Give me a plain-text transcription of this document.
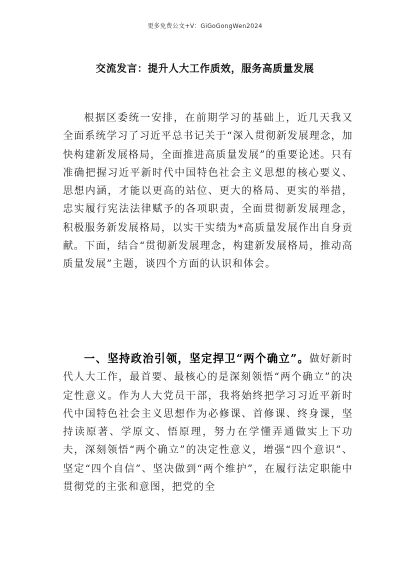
更多免费公文+V：GiGoGongWen2024
交流发言：提升人大工作质效，服务高质量发展

根据区委统一安排，在前期学习的基础上，近几天我又全面系统学习了习近平总书记关于“深入贯彻新发展理念，加快构建新发展格局，全面推进高质量发展”的重要论述。只有准确把握习近平新时代中国特色社会主义思想的核心要义、思想内涵，才能以更高的站位、更大的格局、更实的举措，忠实履行宪法法律赋予的各项职责，全面贯彻新发展理念，积极服务新发展格局，以实干实绩为*高质量发展作出自身贡献。下面，结合“贯彻新发展理念，构建新发展格局，推动高质量发展”主题，谈四个方面的认识和体会。

一、坚持政治引领，坚定捍卫“两个确立”。做好新时代人大工作，最首要、最核心的是深刻领悟“两个确立”的决定性意义。作为人大党员干部，我将始终把学习习近平新时代中国特色社会主义思想作为必修课、首修课、终身课，坚持读原著、学原文、悟原理，努力在学懂弄通做实上下功夫，深刻领悟“两个确立”的决定性意义，增强“四个意识”、坚定“四个自信”、坚决做到“两个维护”，在履行法定职能中贯彻党的主张和意图，把党的全
